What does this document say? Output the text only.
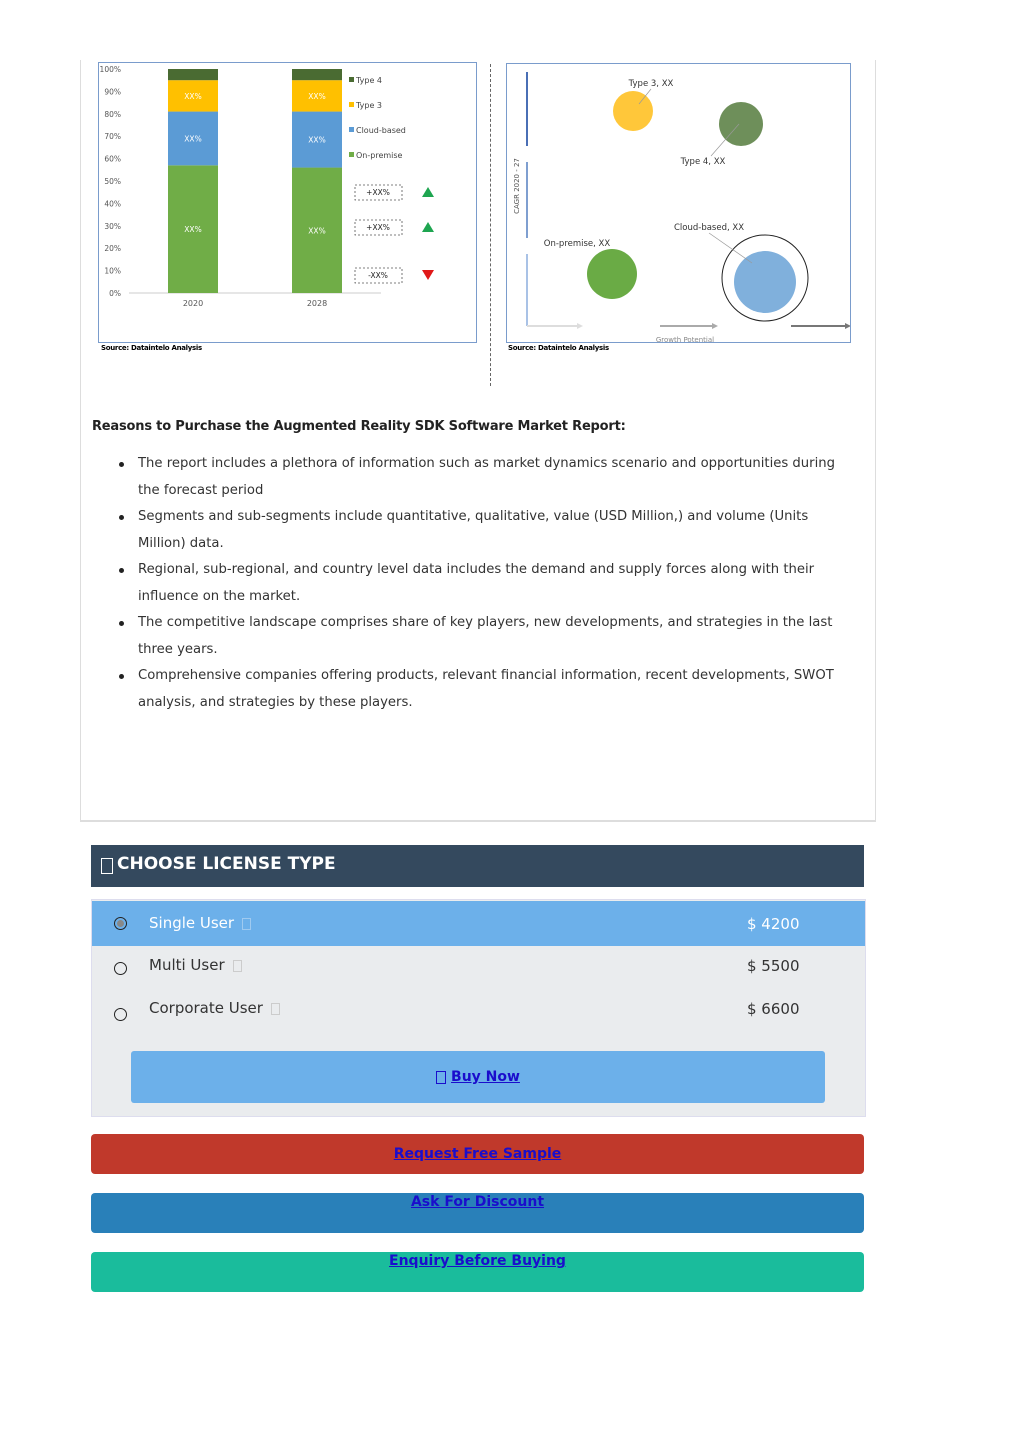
0%
10%
20%
30%
40%
50%
60%
70%
80%
90%
100%
XX%
XX%
XX%
2020
XX%
XX%
XX%
2028
Type 4
Type 3
Cloud-based
On-premise
+XX%
+XX%
-XX%
Source: Dataintelo Analysis
CAGR 2020 - 27
Growth Potential
Type 3, XX
Type 4, XX
On-premise, XX
Cloud-based, XX
Source: Dataintelo Analysis
Reasons to Purchase the Augmented Reality SDK Software Market Report:
The report includes a plethora of information such as market dynamics scenario and opportunities during the forecast period
Segments and sub-segments include quantitative, qualitative, value (USD Million,) and volume (Units Million) data.
Regional, sub-regional, and country level data includes the demand and supply forces along with their influence on the market.
The competitive landscape comprises share of key players, new developments, and strategies in the last three years.
Comprehensive companies offering products, relevant financial information, recent developments, SWOT analysis, and strategies by these players.
CHOOSE LICENSE TYPE
Single User	$ 4200
Multi User	$ 5500
Corporate User	$ 6600
Buy Now
Request Free Sample
Ask For Discount
Enquiry Before Buying
